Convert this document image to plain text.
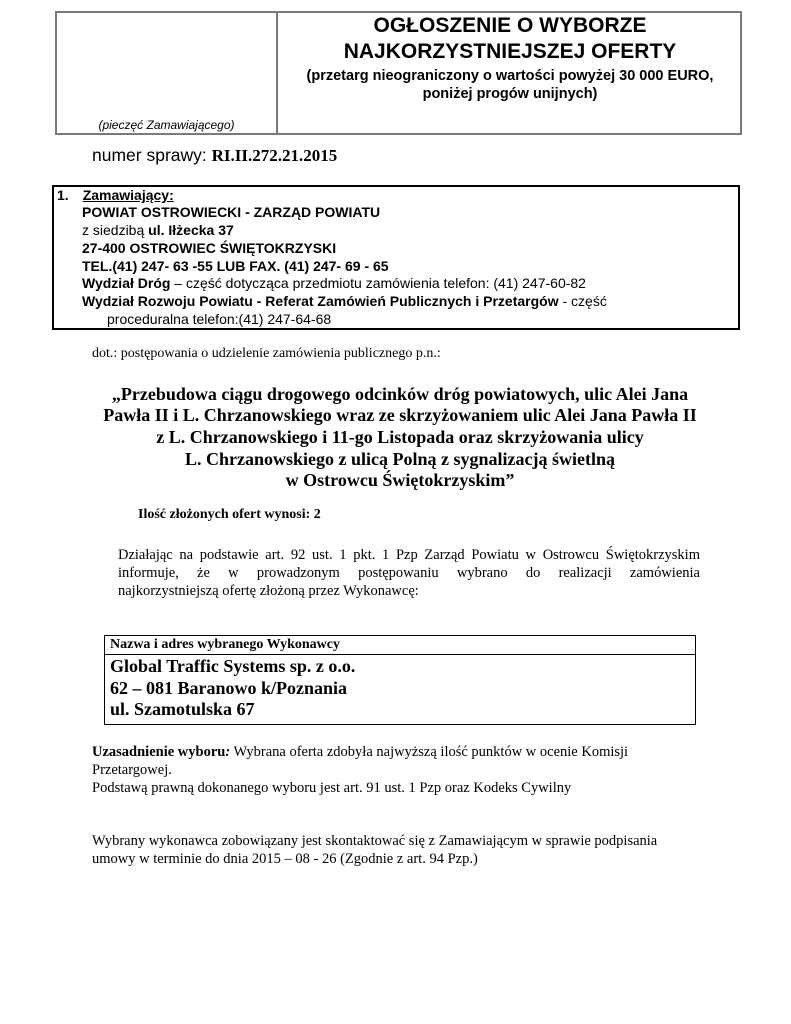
(pieczęć Zamawiającego)
OGŁOSZENIE O WYBORZE
NAJKORZYSTNIEJSZEJ OFERTY
(przetarg nieograniczony o wartości powyżej 30 000 EURO,
poniżej progów unijnych)
numer sprawy: RI.II.272.21.2015
1. Zamawiający:
POWIAT OSTROWIECKI - ZARZĄD POWIATU
z siedzibą ul. Iłżecka 37
27-400 OSTROWIEC ŚWIĘTOKRZYSKI
TEL.(41) 247- 63 -55 LUB FAX. (41) 247- 69 - 65
Wydział Dróg – część dotycząca przedmiotu zamówienia telefon: (41) 247-60-82
Wydział Rozwoju Powiatu - Referat Zamówień Publicznych i Przetargów - część
proceduralna telefon:(41) 247-64-68
dot.: postępowania o udzielenie zamówienia publicznego p.n.:
„Przebudowa ciągu drogowego odcinków dróg powiatowych, ulic Alei Jana
Pawła II i L. Chrzanowskiego wraz ze skrzyżowaniem ulic Alei Jana Pawła II
z L. Chrzanowskiego i 11-go Listopada oraz skrzyżowania ulicy
L. Chrzanowskiego z ulicą Polną z sygnalizacją świetlną
w Ostrowcu Świętokrzyskim”
Ilość złożonych ofert wynosi: 2
Działając na podstawie art. 92 ust. 1 pkt. 1 Pzp Zarząd Powiatu w Ostrowcu Świętokrzyskim
informuje, że w prowadzonym postępowaniu wybrano do realizacji zamówienia
najkorzystniejszą ofertę złożoną przez Wykonawcę:
Nazwa i adres wybranego Wykonawcy
Global Traffic Systems sp. z o.o.
62 – 081 Baranowo k/Poznania
ul. Szamotulska 67
Uzasadnienie wyboru: Wybrana oferta zdobyła najwyższą ilość punktów w ocenie Komisji
Przetargowej.
Podstawą prawną dokonanego wyboru jest art. 91 ust. 1 Pzp oraz Kodeks Cywilny
Wybrany wykonawca zobowiązany jest skontaktować się z Zamawiającym w sprawie podpisania
umowy w terminie do dnia 2015 – 08 - 26 (Zgodnie z art. 94 Pzp.)
